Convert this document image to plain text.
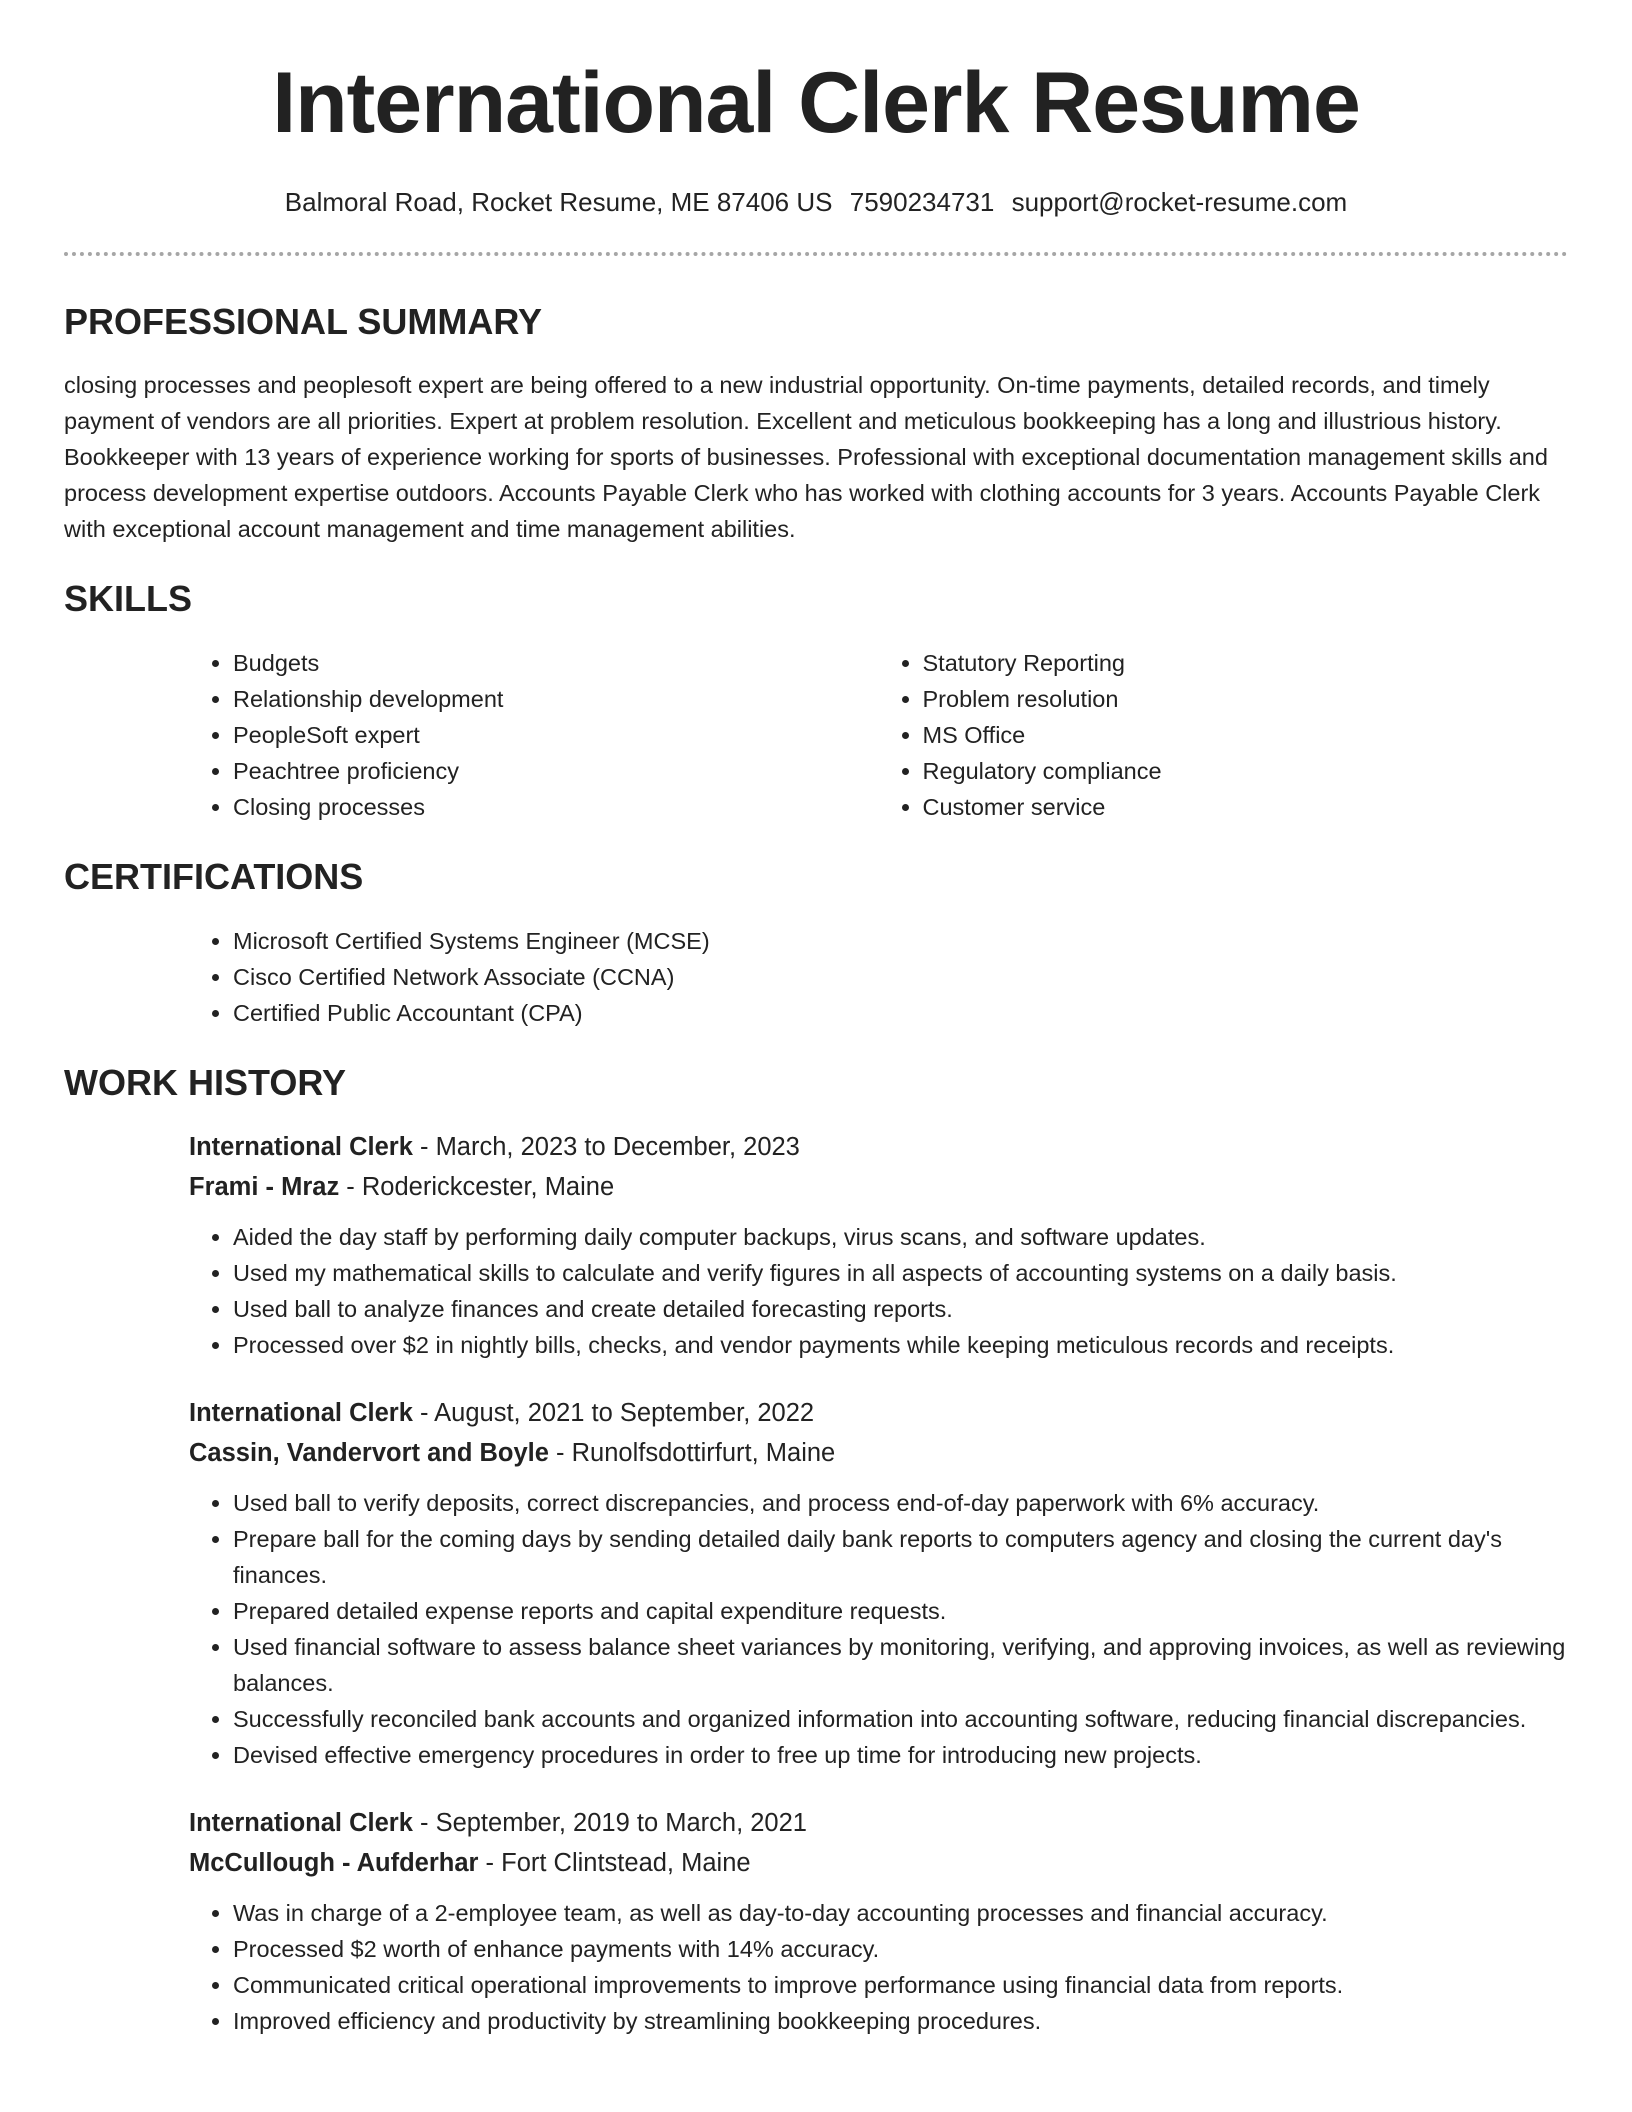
International Clerk Resume
Balmoral Road, Rocket Resume, ME 87406 US 7590234731 support@rocket-resume.com
PROFESSIONAL SUMMARY

closing processes and peoplesoft expert are being offered to a new industrial opportunity. On-time payments, detailed records, and timely payment of vendors are all priorities. Expert at problem resolution. Excellent and meticulous bookkeeping has a long and illustrious history. Bookkeeper with 13 years of experience working for sports of businesses. Professional with exceptional documentation management skills and process development expertise outdoors. Accounts Payable Clerk who has worked with clothing accounts for 3 years. Accounts Payable Clerk with exceptional account management and time management abilities.

SKILLS
• Budgets
• Relationship development
• PeopleSoft expert
• Peachtree proficiency
• Closing processes
• Statutory Reporting
• Problem resolution
• MS Office
• Regulatory compliance
• Customer service
CERTIFICATIONS
• Microsoft Certified Systems Engineer (MCSE)
• Cisco Certified Network Associate (CCNA)
• Certified Public Accountant (CPA)
WORK HISTORY
International Clerk - March, 2023 to December, 2023
Frami - Mraz - Roderickcester, Maine
• Aided the day staff by performing daily computer backups, virus scans, and software updates.
• Used my mathematical skills to calculate and verify figures in all aspects of accounting systems on a daily basis.
• Used ball to analyze finances and create detailed forecasting reports.
• Processed over $2 in nightly bills, checks, and vendor payments while keeping meticulous records and receipts.
International Clerk - August, 2021 to September, 2022
Cassin, Vandervort and Boyle - Runolfsdottirfurt, Maine
• Used ball to verify deposits, correct discrepancies, and process end-of-day paperwork with 6% accuracy.
• Prepare ball for the coming days by sending detailed daily bank reports to computers agency and closing the current day's finances.
• Prepared detailed expense reports and capital expenditure requests.
• Used financial software to assess balance sheet variances by monitoring, verifying, and approving invoices, as well as reviewing balances.
• Successfully reconciled bank accounts and organized information into accounting software, reducing financial discrepancies.
• Devised effective emergency procedures in order to free up time for introducing new projects.
International Clerk - September, 2019 to March, 2021
McCullough - Aufderhar - Fort Clintstead, Maine
• Was in charge of a 2-employee team, as well as day-to-day accounting processes and financial accuracy.
• Processed $2 worth of enhance payments with 14% accuracy.
• Communicated critical operational improvements to improve performance using financial data from reports.
• Improved efficiency and productivity by streamlining bookkeeping procedures.
